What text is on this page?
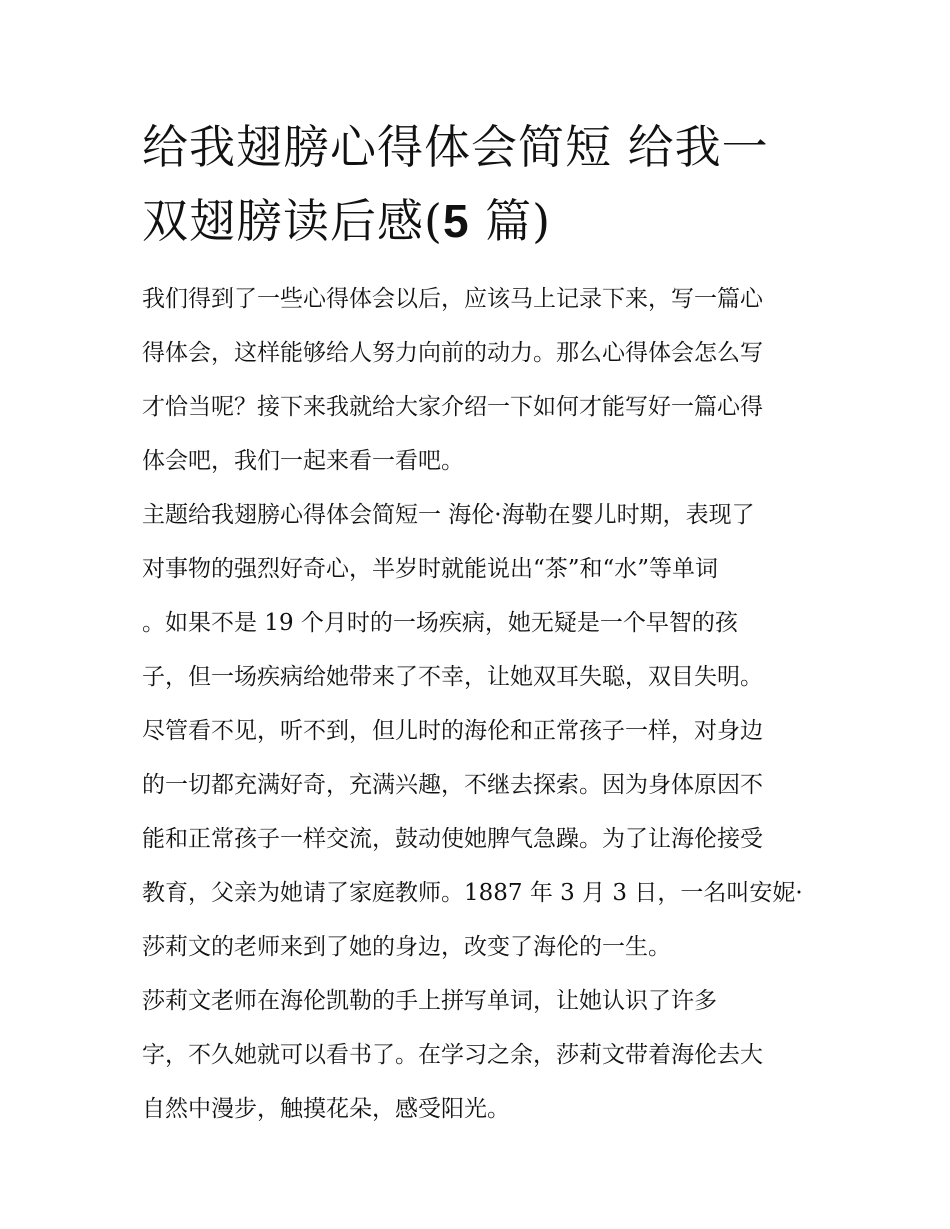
给我翅膀心得体会简短 给我一
双翅膀读后感(5 篇)
我们得到了一些心得体会以后，应该马上记录下来，写一篇心
得体会，这样能够给人努力向前的动力。那么心得体会怎么写
才恰当呢？接下来我就给大家介绍一下如何才能写好一篇心得
体会吧，我们一起来看一看吧。
主题给我翅膀心得体会简短一 海伦·海勒在婴儿时期，表现了
对事物的强烈好奇心，半岁时就能说出“茶”和“水”等单词
。如果不是 19 个月时的一场疾病，她无疑是一个早智的孩
子，但一场疾病给她带来了不幸，让她双耳失聪，双目失明。
尽管看不见，听不到，但儿时的海伦和正常孩子一样，对身边
的一切都充满好奇，充满兴趣，不继去探索。因为身体原因不
能和正常孩子一样交流，鼓动使她脾气急躁。为了让海伦接受
教育，父亲为她请了家庭教师。1887 年 3 月 3 日，一名叫安妮·
莎莉文的老师来到了她的身边，改变了海伦的一生。
莎莉文老师在海伦凯勒的手上拼写单词，让她认识了许多
字，不久她就可以看书了。在学习之余，莎莉文带着海伦去大
自然中漫步，触摸花朵，感受阳光。
